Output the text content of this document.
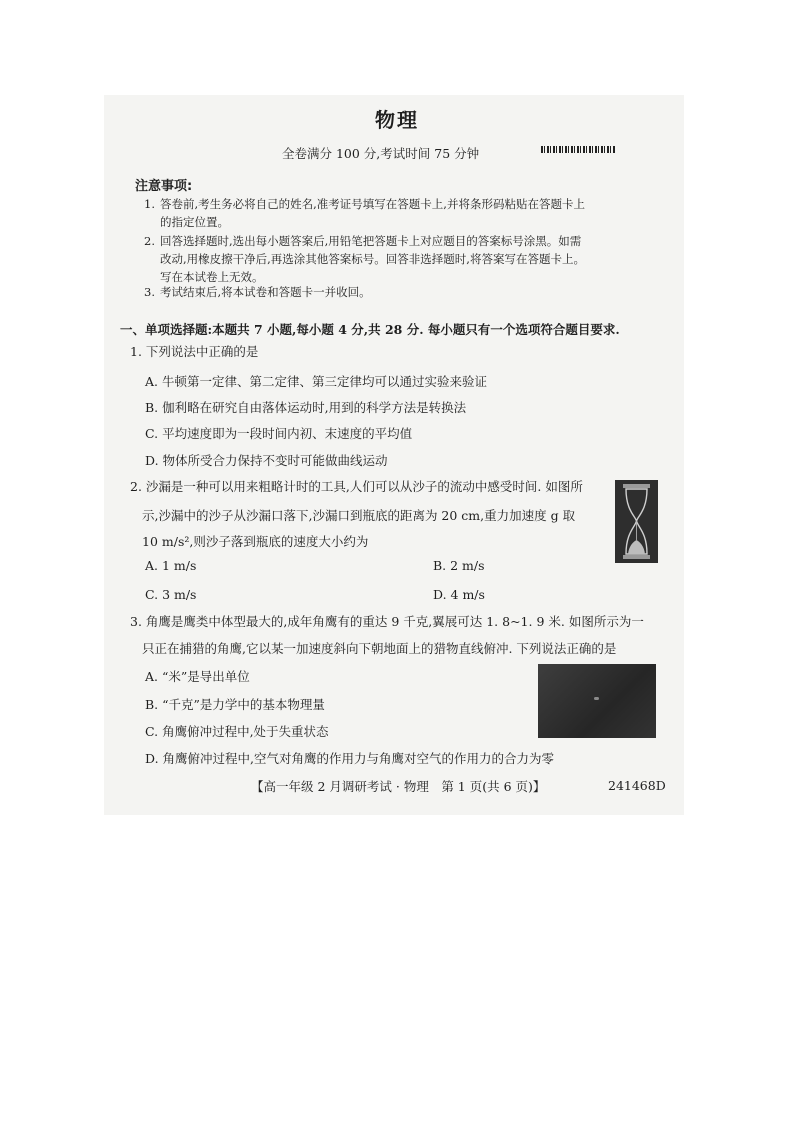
物理
全卷满分 100 分,考试时间 75 分钟
注意事项:
1. 答卷前,考生务必将自己的姓名,准考证号填写在答题卡上,并将条形码粘贴在答题卡上
的指定位置。
2. 回答选择题时,选出每小题答案后,用铅笔把答题卡上对应题目的答案标号涂黑。如需
改动,用橡皮擦干净后,再选涂其他答案标号。回答非选择题时,将答案写在答题卡上。
写在本试卷上无效。
3. 考试结束后,将本试卷和答题卡一并收回。
一、单项选择题:本题共 7 小题,每小题 4 分,共 28 分. 每小题只有一个选项符合题目要求.
1. 下列说法中正确的是
A. 牛顿第一定律、第二定律、第三定律均可以通过实验来验证
B. 伽利略在研究自由落体运动时,用到的科学方法是转换法
C. 平均速度即为一段时间内初、末速度的平均值
D. 物体所受合力保持不变时可能做曲线运动
2. 沙漏是一种可以用来粗略计时的工具,人们可以从沙子的流动中感受时间. 如图所
示,沙漏中的沙子从沙漏口落下,沙漏口到瓶底的距离为 20 cm,重力加速度 g 取
10 m/s²,则沙子落到瓶底的速度大小约为
A. 1 m/s	B. 2 m/s
C. 3 m/s	D. 4 m/s
3. 角鹰是鹰类中体型最大的,成年角鹰有的重达 9 千克,翼展可达 1. 8~1. 9 米. 如图所示为一
只正在捕猎的角鹰,它以某一加速度斜向下朝地面上的猎物直线俯冲. 下列说法正确的是
A. “米”是导出单位
B. “千克”是力学中的基本物理量
C. 角鹰俯冲过程中,处于失重状态
D. 角鹰俯冲过程中,空气对角鹰的作用力与角鹰对空气的作用力的合力为零
【高一年级 2 月调研考试 · 物理　第 1 页(共 6 页)】	241468D
